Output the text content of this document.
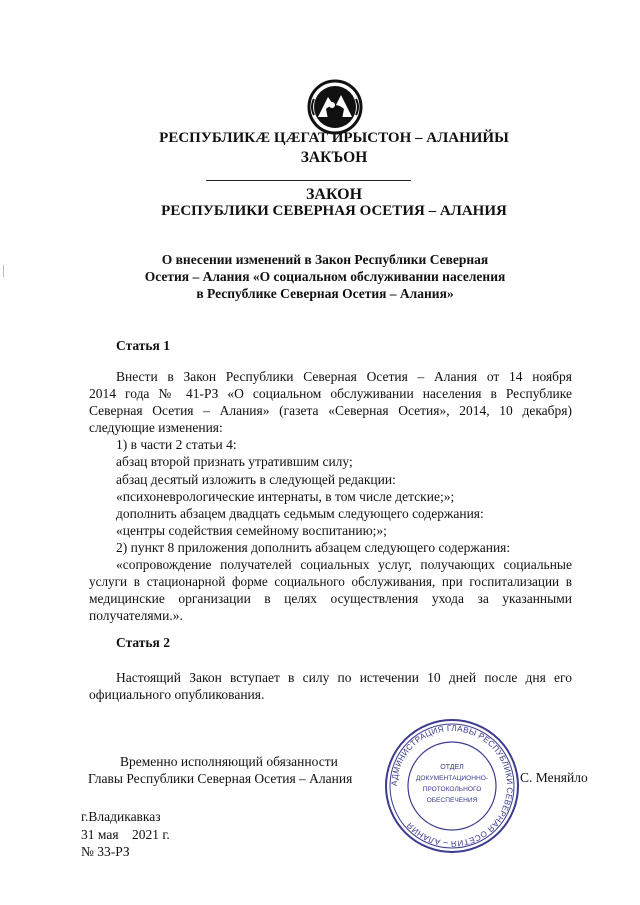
РЕСПУБЛИКӔ ЦӔГАТ ИРЫСТОН – АЛАНИЙЫ
ЗАКЪОН
ЗАКОН
РЕСПУБЛИКИ СЕВЕРНАЯ ОСЕТИЯ – АЛАНИЯ
О внесении изменений в Закон Республики Северная
Осетия – Алания «О социальном обслуживании населения
в Республике Северная Осетия – Алания»
Статья 1
Внести в Закон Республики Северная Осетия – Алания от 14 ноября
2014 года № 41-РЗ «О социальном обслуживании населения в Республике
Северная Осетия – Алания» (газета «Северная Осетия», 2014, 10 декабря)
следующие изменения:
1) в части 2 статьи 4:
абзац второй признать утратившим силу;
абзац десятый изложить в следующей редакции:
«психоневрологические интернаты, в том числе детские;»;
дополнить абзацем двадцать седьмым следующего содержания:
«центры содействия семейному воспитанию;»;
2) пункт 8 приложения дополнить абзацем следующего содержания:
«сопровождение получателей социальных услуг, получающих социальные
услуги в стационарной форме социального обслуживания, при госпитализации в
медицинские организации в целях осуществления ухода за указанными
получателями.».
Статья 2
Настоящий Закон вступает в силу по истечении 10 дней после дня его
официального опубликования.
Временно исполняющий обязанности
Главы Республики Северная Осетия – Алания	АДМИНИСТРАЦИЯ ГЛАВЫ РЕСПУБЛИКИ СЕВЕРНАЯ ОСЕТИЯ – АЛАНИЯ
ОТДЕЛ
ДОКУМЕНТАЦИОННО-
ПРОТОКОЛЬНОГО
ОБЕСПЕЧЕНИЯ
С. Меняйло
г.Владикавказ
31 мая    2021 г.
№ 33-РЗ
